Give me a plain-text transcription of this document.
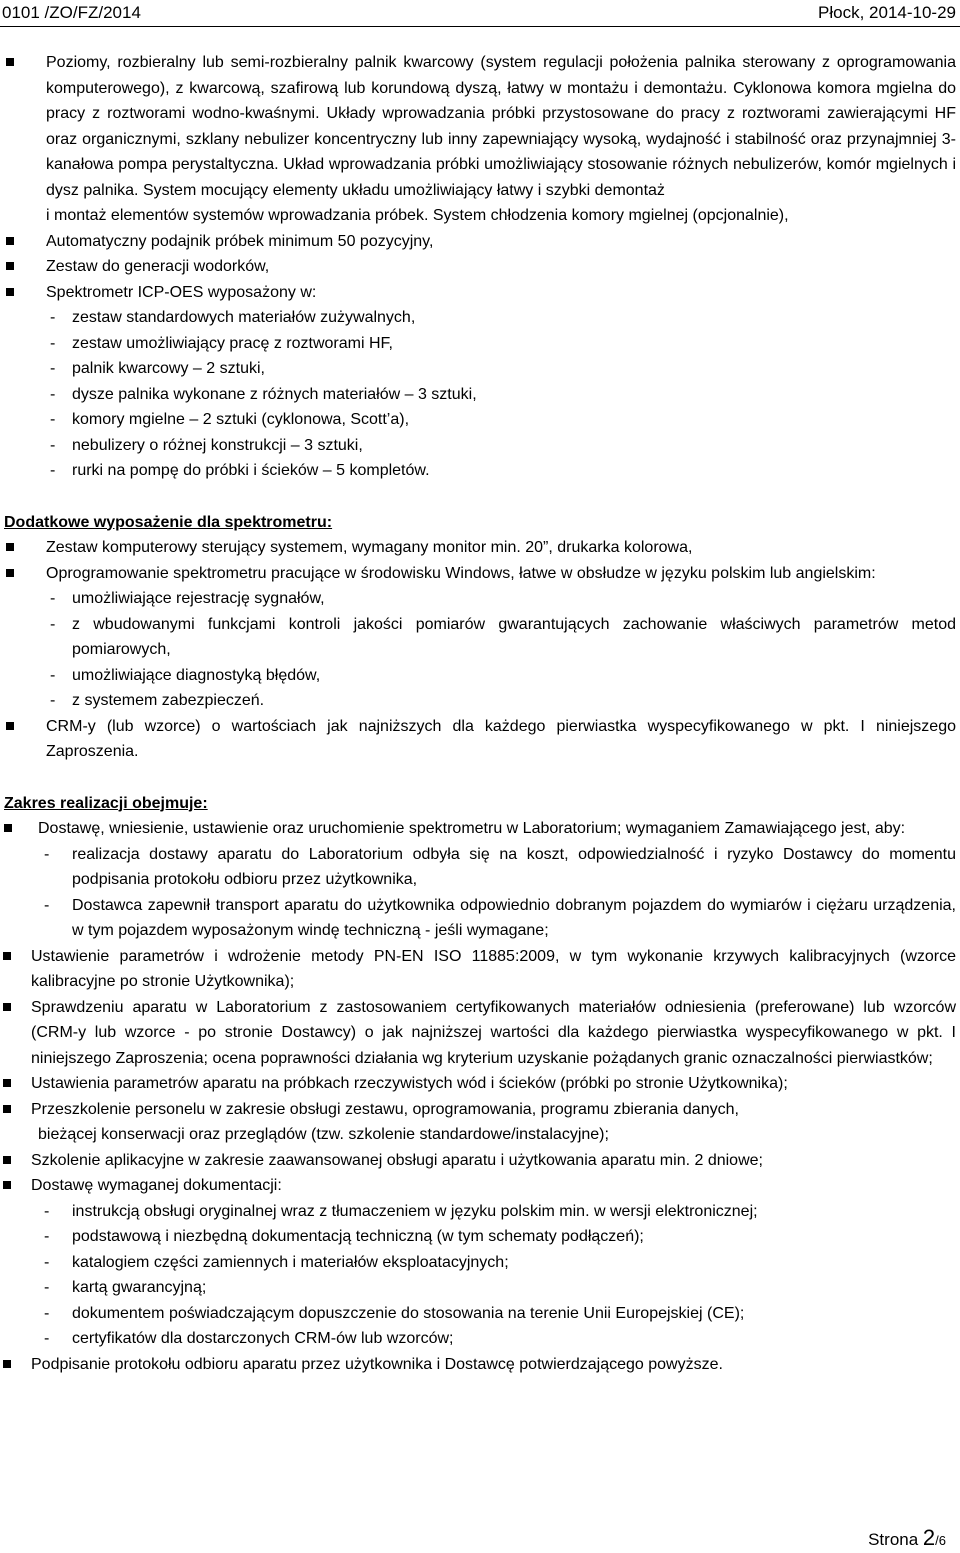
0101 /ZO/FZ/2014	Płock, 2014-10-29
Poziomy, rozbieralny lub semi-rozbieralny palnik kwarcowy (system regulacji położenia palnika sterowany z oprogramowania komputerowego), z kwarcową, szafirową lub korundową dyszą, łatwy w montażu i demontażu. Cyklonowa komora mgielna do pracy z roztworami wodno-kwaśnymi. Układy wprowadzania próbki przystosowane do pracy z roztworami zawierającymi HF oraz organicznymi, szklany nebulizer koncentryczny lub inny zapewniający wysoką, wydajność i stabilność oraz przynajmniej 3-kanałowa pompa perystaltyczna. Układ wprowadzania próbki umożliwiający stosowanie różnych nebulizerów, komór mgielnych i dysz palnika. System mocujący elementy układu umożliwiający łatwy i szybki demontaż
i montaż elementów systemów wprowadzania próbek. System chłodzenia komory mgielnej (opcjonalnie),
Automatyczny podajnik próbek minimum 50 pozycyjny,
Zestaw do generacji wodorków,
Spektrometr ICP-OES wyposażony w:
- zestaw standardowych materiałów zużywalnych,
- zestaw umożliwiający pracę z roztworami HF,
- palnik kwarcowy – 2 sztuki,
- dysze palnika wykonane z różnych materiałów – 3 sztuki,
- komory mgielne – 2 sztuki (cyklonowa, Scott’a),
- nebulizery o różnej konstrukcji – 3 sztuki,
- rurki na pompę do próbki i ścieków – 5 kompletów.
Dodatkowe wyposażenie dla spektrometru:
Zestaw komputerowy sterujący systemem, wymagany monitor min. 20”, drukarka kolorowa,
Oprogramowanie spektrometru pracujące w środowisku Windows, łatwe w obsłudze w języku polskim lub angielskim:
- umożliwiające rejestrację sygnałów,
- z wbudowanymi funkcjami kontroli jakości pomiarów gwarantujących zachowanie właściwych parametrów metod pomiarowych,
- umożliwiające diagnostyką błędów,
- z systemem zabezpieczeń.
CRM-y (lub wzorce) o wartościach jak najniższych dla każdego pierwiastka wyspecyfikowanego w pkt. I niniejszego Zaproszenia.
Zakres realizacji obejmuje:
Dostawę, wniesienie, ustawienie oraz uruchomienie spektrometru w Laboratorium; wymaganiem Zamawiającego jest, aby:
- realizacja dostawy aparatu do Laboratorium odbyła się na koszt, odpowiedzialność i ryzyko Dostawcy do momentu podpisania protokołu odbioru przez użytkownika,
- Dostawca zapewnił transport aparatu do użytkownika odpowiednio dobranym pojazdem do wymiarów i ciężaru urządzenia, w tym pojazdem wyposażonym windę techniczną - jeśli wymagane;
Ustawienie parametrów i wdrożenie metody PN-EN ISO 11885:2009, w tym wykonanie krzywych kalibracyjnych (wzorce kalibracyjne po stronie Użytkownika);
Sprawdzeniu aparatu w Laboratorium z zastosowaniem certyfikowanych materiałów odniesienia (preferowane) lub wzorców (CRM-y lub wzorce - po stronie Dostawcy) o jak najniższej wartości dla każdego pierwiastka wyspecyfikowanego w pkt. I niniejszego Zaproszenia; ocena poprawności działania wg kryterium uzyskanie pożądanych granic oznaczalności pierwiastków;
Ustawienia parametrów aparatu na próbkach rzeczywistych wód i ścieków (próbki po stronie Użytkownika);
Przeszkolenie personelu w zakresie obsługi zestawu, oprogramowania, programu zbierania danych,
bieżącej konserwacji oraz przeglądów (tzw. szkolenie standardowe/instalacyjne);
Szkolenie aplikacyjne w zakresie zaawansowanej obsługi aparatu i użytkowania aparatu min. 2 dniowe;
Dostawę wymaganej dokumentacji:
- instrukcją obsługi oryginalnej wraz z tłumaczeniem w języku polskim min. w wersji elektronicznej;
- podstawową i niezbędną dokumentacją techniczną (w tym schematy podłączeń);
- katalogiem części zamiennych i materiałów eksploatacyjnych;
- kartą gwarancyjną;
- dokumentem poświadczającym dopuszczenie do stosowania na terenie Unii Europejskiej (CE);
- certyfikatów dla dostarczonych CRM-ów lub wzorców;
Podpisanie protokołu odbioru aparatu przez użytkownika i Dostawcę potwierdzającego powyższe.
Strona 2/6
